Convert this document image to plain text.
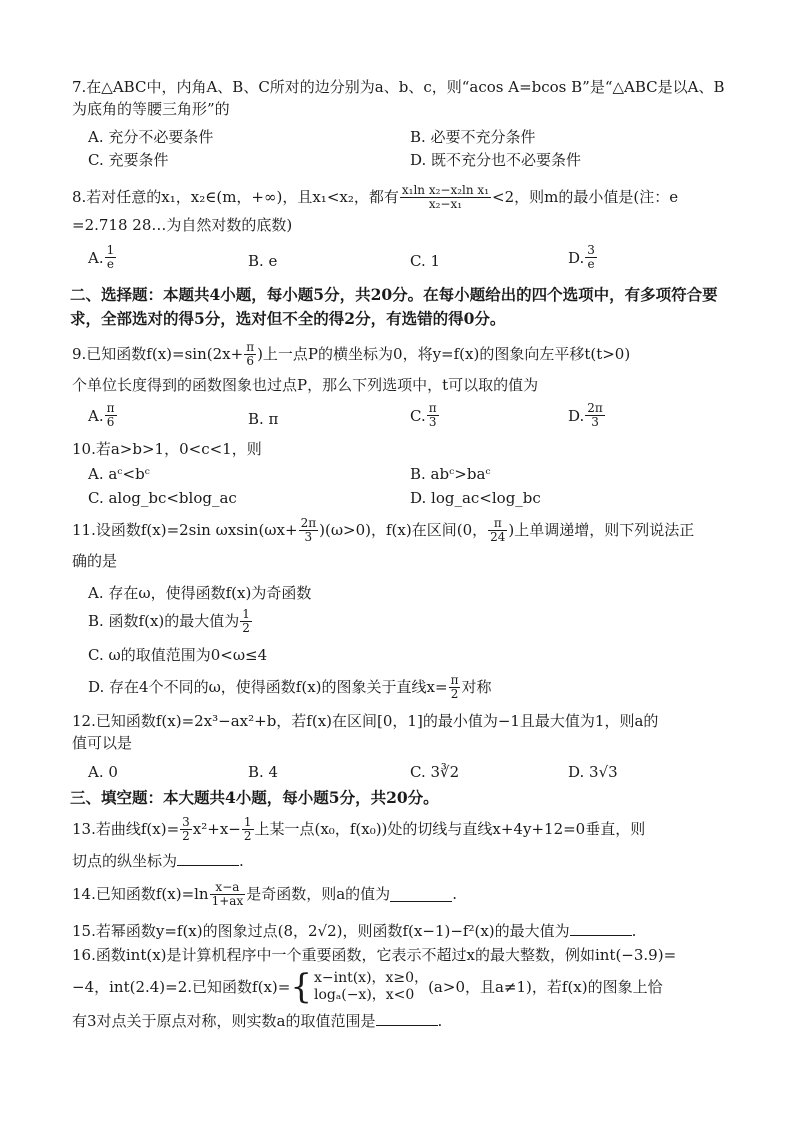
7.在△ABC中，内角A、B、C所对的边分别为a、b、c，则“acos A=bcos B”是“△ABC是以A、B
为底角的等腰三角形”的
A. 充分不必要条件	B. 必要不充分条件
C. 充要条件	D. 既不充分也不必要条件
8.若对任意的x₁，x₂∈(m，+∞)，且x₁<x₂，都有 $\frac{\text{x₁ln x₂−x₂ln x₁}}{\text{x₂−x₁}} <2$，则m的最小值是(注：e
=2.718 28…为自然对数的底数)
A. $\frac{1}{e}$	B. e	C. 1	D. $\frac{3}{e}$
二、选择题：本题共4小题，每小题5分，共20分。在每小题给出的四个选项中，有多项符合要
求，全部选对的得5分，选对但不全的得2分，有选错的得0分。
9.已知函数$f(x)=\sin(2x+ \frac{\pi}{6}$ )上一点P的横坐标为0，将y=f(x)的图象向左平移t(t>0)
个单位长度得到的函数图象也过点P，那么下列选项中，t可以取的值为
A. $\frac{\pi}{6}$	B. π	C. $\frac{\pi}{3}$	D. $\frac{2\pi}{3}$
10.若a>b>1，0<c<1，则
A. aᶜ<bᶜ	B. abᶜ>baᶜ
C. alog_bc<blog_ac	D. log_ac<log_bc
11.设函数f(x)=2sin $\omega xsin(\omega x+ \frac{2\pi}{3} )(\omega>0)$，f(x)在区间(0， $\frac{\pi}{24}$ )上单调递增，则下列说法正
确的是
A. 存在ω，使得函数f(x)为奇函数
B. 函数f(x)的最大值为 $\frac{1}{2}$
C. ω的取值范围为0<ω≤4
D. 存在4个不同的ω，使得函数f(x)的图象关于直线$x= \frac{\pi}{2}$ 对称
12.已知函数f(x)=2x³−ax²+b，若f(x)在区间[0，1]的最小值为−1且最大值为1，则a的
值可以是
A. 0	B. 4	C. 3∛2	D. 3√3
三、填空题：本大题共4小题，每小题5分，共20分。
13.若曲线$f(x)= \frac{3}{2} x^2+x- \frac{1}{2}$ 上某一点(x₀，f(x₀))处的切线与直线x+4y+12=0垂直，则
切点的纵坐标为	.
14.已知函数$f(x)=\ln \frac{x-a}{1+ax}$ 是奇函数，则a的值为	.
15.若幂函数y=f(x)的图象过点(8，2√2)，则函数f(x−1)−f²(x)的最大值为	.
16.函数int(x)是计算机程序中一个重要函数，它表示不超过x的最大整数，例如int(−3.9)=
−4，int(2.4)=2.已知函数f(x)= { x−int(x)，x≥0，
logₐ(−x)，x<0 (a>0，且a≠1)，若f(x)的图象上恰
有3对点关于原点对称，则实数a的取值范围是	.
